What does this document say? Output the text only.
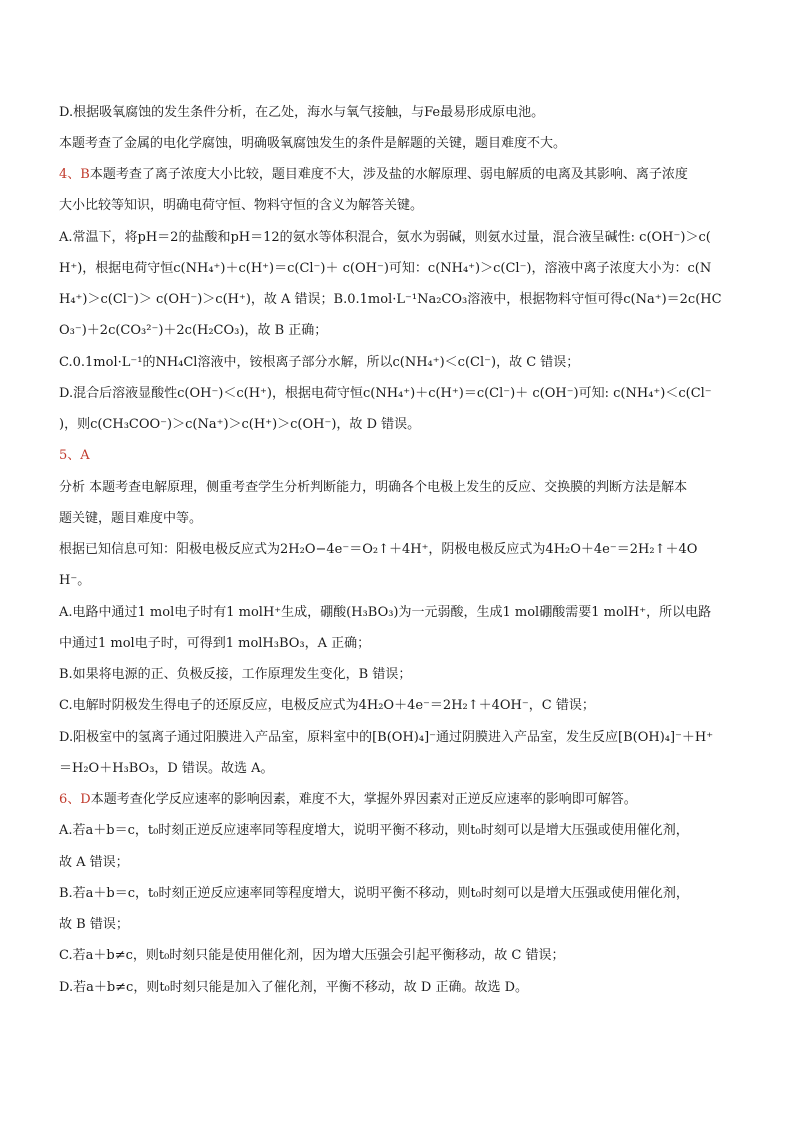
D.根据吸氧腐蚀的发生条件分析，在乙处，海水与氧气接触，与Fe最易形成原电池。
本题考查了金属的电化学腐蚀，明确吸氧腐蚀发生的条件是解题的关键，题目难度不大。
4、B本题考查了离子浓度大小比较，题目难度不大，涉及盐的水解原理、弱电解质的电离及其影响、离子浓度
大小比较等知识，明确电荷守恒、物料守恒的含义为解答关键。
A.常温下，将pH＝2的盐酸和pH＝12的氨水等体积混合，氨水为弱碱，则氨水过量，混合液呈碱性: c(OH⁻)＞c(
H⁺)，根据电荷守恒c(NH₄⁺)＋c(H⁺)＝c(Cl⁻)＋ c(OH⁻)可知：c(NH₄⁺)＞c(Cl⁻)，溶液中离子浓度大小为：c(N
H₄⁺)＞c(Cl⁻)＞ c(OH⁻)＞c(H⁺)，故 A 错误；B.0.1mol·L⁻¹Na₂CO₃溶液中，根据物料守恒可得c(Na⁺)＝2c(HC
O₃⁻)＋2c(CO₃²⁻)＋2c(H₂CO₃)，故 B 正确；
C.0.1mol·L⁻¹的NH₄Cl溶液中，铵根离子部分水解，所以c(NH₄⁺)＜c(Cl⁻)，故 C 错误；
D.混合后溶液显酸性c(OH⁻)＜c(H⁺)，根据电荷守恒c(NH₄⁺)＋c(H⁺)＝c(Cl⁻)＋ c(OH⁻)可知: c(NH₄⁺)＜c(Cl⁻
)，则c(CH₃COO⁻)＞c(Na⁺)＞c(H⁺)＞c(OH⁻)，故 D 错误。
5、A
分析 本题考查电解原理，侧重考查学生分析判断能力，明确各个电极上发生的反应、交换膜的判断方法是解本
题关键，题目难度中等。
根据已知信息可知：阳极电极反应式为2H₂O−4e⁻＝O₂↑＋4H⁺，阴极电极反应式为4H₂O＋4e⁻＝2H₂↑＋4O
H⁻。
A.电路中通过1 mol电子时有1 molH⁺生成，硼酸(H₃BO₃)为一元弱酸，生成1 mol硼酸需要1 molH⁺，所以电路
中通过1 mol电子时，可得到1 molH₃BO₃，A 正确；
B.如果将电源的正、负极反接，工作原理发生变化，B 错误；
C.电解时阴极发生得电子的还原反应，电极反应式为4H₂O＋4e⁻＝2H₂↑＋4OH⁻，C 错误；
D.阳极室中的氢离子通过阳膜进入产品室，原料室中的[B(OH)₄]⁻通过阴膜进入产品室，发生反应[B(OH)₄]⁻＋H⁺
＝H₂O＋H₃BO₃，D 错误。故选 A。
6、D本题考查化学反应速率的影响因素，难度不大，掌握外界因素对正逆反应速率的影响即可解答。
A.若a＋b＝c，t₀时刻正逆反应速率同等程度增大，说明平衡不移动，则t₀时刻可以是增大压强或使用催化剂，
故 A 错误；
B.若a＋b＝c，t₀时刻正逆反应速率同等程度增大，说明平衡不移动，则t₀时刻可以是增大压强或使用催化剂，
故 B 错误；
C.若a＋b≠c，则t₀时刻只能是使用催化剂，因为增大压强会引起平衡移动，故 C 错误；
D.若a＋b≠c，则t₀时刻只能是加入了催化剂，平衡不移动，故 D 正确。故选 D。
